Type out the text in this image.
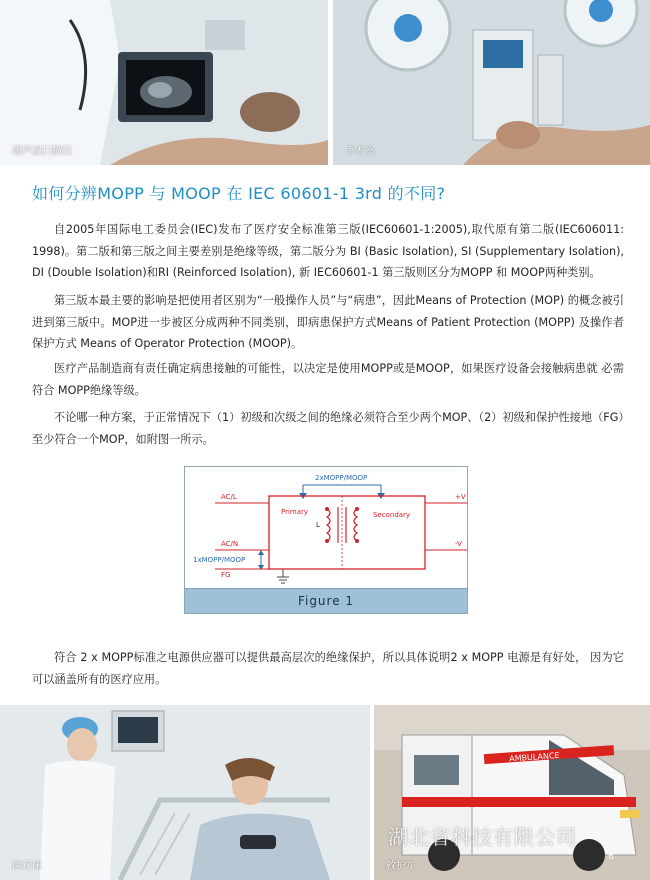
超声波扫描仪	手术室
如何分辨MOPP 与 MOOP 在 IEC 60601-1 3rd 的不同?

自2005年国际电工委员会(IEC)发布了医疗安全标准第三版(IEC60601-1:2005),取代原有第二版(IEC606011: 1998)。第二版和第三版之间主要差别是绝缘等级，第二版分为 BI (Basic Isolation), SI (Supplementary Isolation), DI (Double Isolation)和RI (Reinforced Isolation), 新 IEC60601-1 第三版则区分为MOPP 和 MOOP两种类别。

第三版本最主要的影响是把使用者区别为“一般操作人员”与“病患”，因此Means of Protection (MOP) 的概念被引进到第三版中。MOP进一步被区分成两种不同类别，即病患保护方式Means of Patient Protection (MOPP) 及操作者保护方式 Means of Operator Protection (MOOP)。

医疗产品制造商有责任确定病患接触的可能性，以决定是使用MOPP或是MOOP，如果医疗设备会接触病患就 必需符合 MOPP绝缘等级。

不论哪一种方案，于正常情况下（1）初级和次级之间的绝缘必须符合至少两个MOP、（2）初级和保护性接地（FG）至少符合一个MOP，如附图一所示。

2xMOPP/MOOP
AC/L	+V
AC/N	-V
Primary	Secondary
L
1xMOPP/MOOP
FG
Figure 1

符合 2 x MOPP标准之电源供应器可以提供最高层次的绝缘保护，所以具体说明2 x MOPP 电源是有好处， 因为它可以涵盖所有的医疗应用。

医疗床
AMBULANCE
救护车
湖北省科技有限公司
6
